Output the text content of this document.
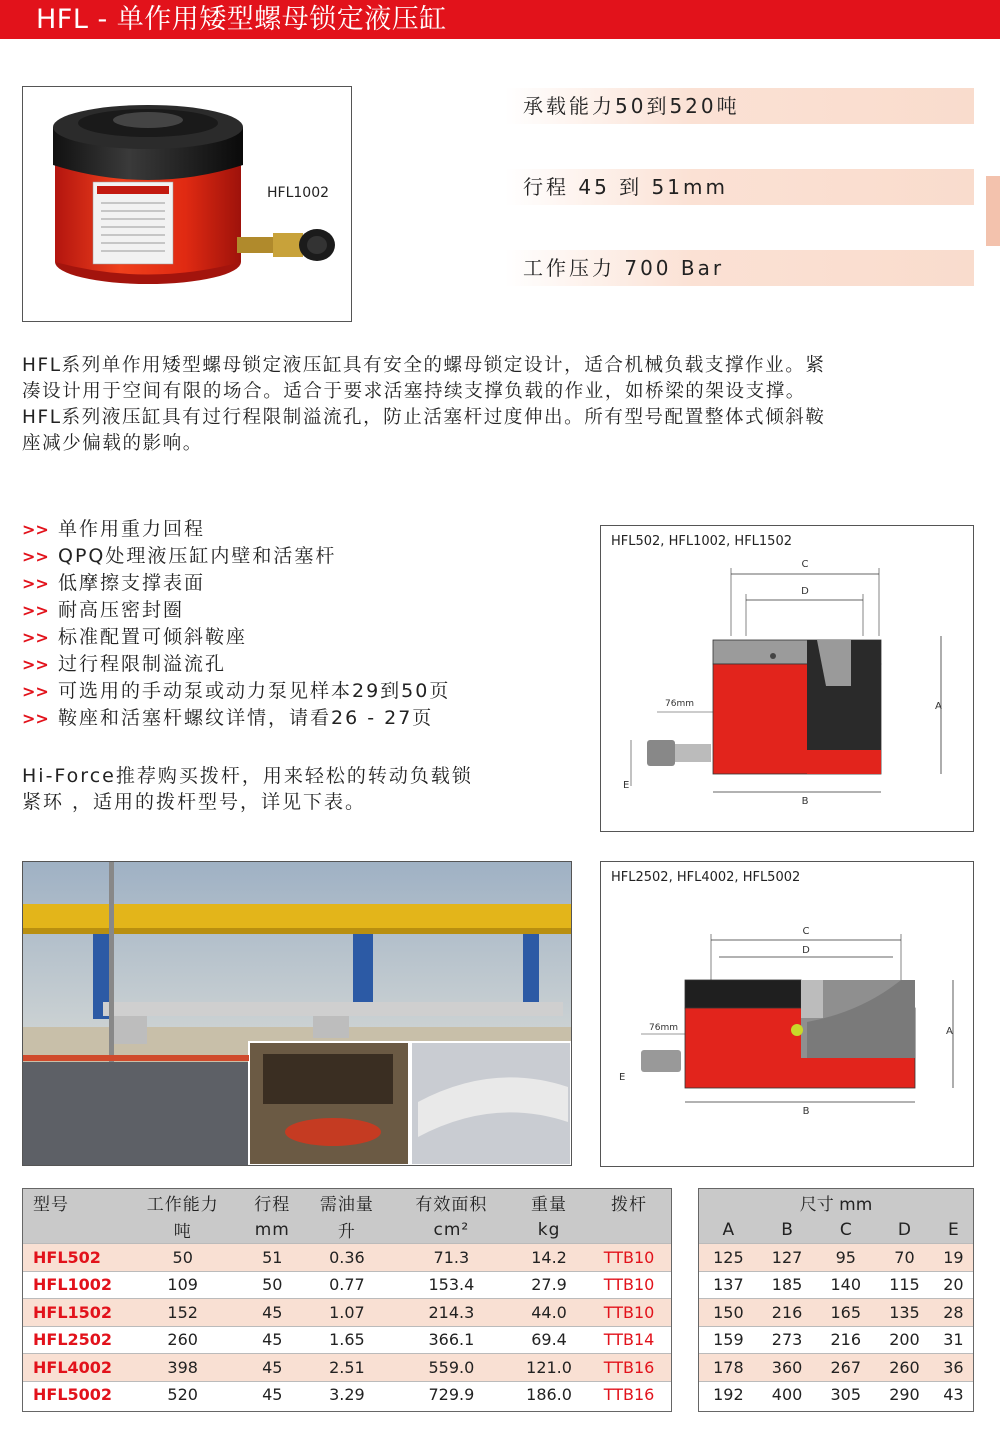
HFL - 单作用矮型螺母锁定液压缸
HFL1002
承载能力50到520吨
行程 45 到 51mm
工作压力 700 Bar

HFL系列单作用矮型螺母锁定液压缸具有安全的螺母锁定设计，适合机械负载支撑作业。紧

凑设计用于空间有限的场合。适合于要求活塞持续支撑负载的作业，如桥梁的架设支撑。

HFL系列液压缸具有过行程限制溢流孔，防止活塞杆过度伸出。所有型号配置整体式倾斜鞍

座减少偏载的影响。

>> 单作用重力回程
>> QPQ处理液压缸内壁和活塞杆
>> 低摩擦支撑表面
>> 耐高压密封圈
>> 标准配置可倾斜鞍座
>> 过行程限制溢流孔
>> 可选用的手动泵或动力泵见样本29到50页
>> 鞍座和活塞杆螺纹详情，请看26 - 27页

Hi-Force推荐购买拨杆，用来轻松的转动负载锁

紧环 ，适用的拨杆型号，详见下表。

HFL502, HFL1002, HFL1502
C
D
A
B
76mm
E
HFL2502, HFL4002, HFL5002
C
D
A
B
76mm
E
型号	工作能力	行程	需油量	有效面积	重量	拨杆
	吨	mm	升	cm²	kg	
HFL502	50	51	0.36	71.3	14.2	TTB10
HFL1002	109	50	0.77	153.4	27.9	TTB10
HFL1502	152	45	1.07	214.3	44.0	TTB10
HFL2502	260	45	1.65	366.1	69.4	TTB14
HFL4002	398	45	2.51	559.0	121.0	TTB16
HFL5002	520	45	3.29	729.9	186.0	TTB16
尺寸 mm				
A	B	C	D	E
125	127	95	70	19
137	185	140	115	20
150	216	165	135	28
159	273	216	200	31
178	360	267	260	36
192	400	305	290	43
